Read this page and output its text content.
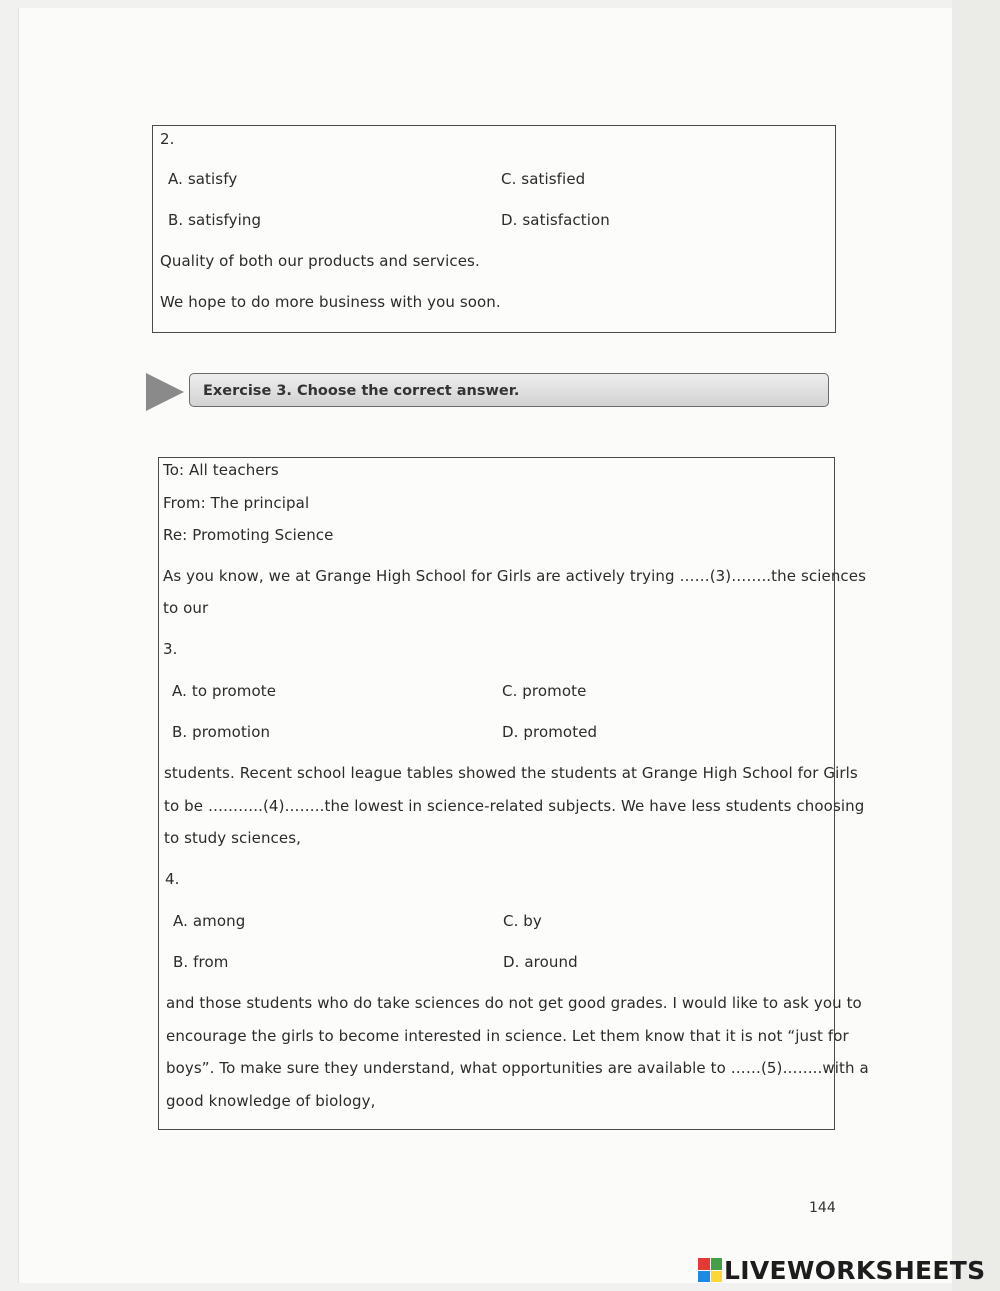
2.
A. satisfy	C. satisfied
B. satisfying	D. satisfaction
Quality of both our products and services.
We hope to do more business with you soon.
Exercise 3. Choose the correct answer.
To: All teachers
From: The principal
Re: Promoting Science
As you know, we at Grange High School for Girls are actively trying ……(3)……..the sciences
to our
3.
A. to promote	C. promote
B. promotion	D. promoted
students. Recent school league tables showed the students at Grange High School for Girls
to be ………..(4)……..the lowest in science-related subjects. We have less students choosing
to study sciences,
4.
A. among	C. by
B. from	D. around
and those students who do take sciences do not get good grades. I would like to ask you to
encourage the girls to become interested in science. Let them know that it is not “just for
boys”. To make sure they understand, what opportunities are available to ……(5)……..with a
good knowledge of biology,
144
LIVEWORKSHEETS
